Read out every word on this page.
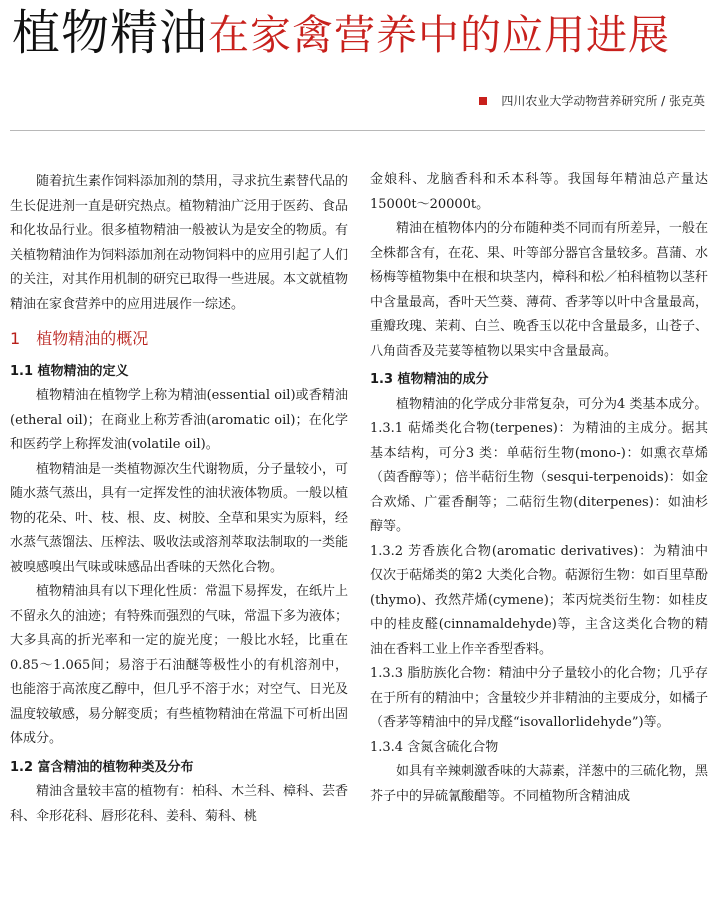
植物精油在家禽营养中的应用进展
四川农业大学动物营养研究所 / 张克英

随着抗生素作饲料添加剂的禁用，寻求抗生素替代品的生长促进剂一直是研究热点。植物精油广泛用于医药、食品和化妆品行业。很多植物精油一般被认为是安全的物质。有关植物精油作为饲料添加剂在动物饲料中的应用引起了人们的关注，对其作用机制的研究已取得一些进展。本文就植物精油在家食营养中的应用进展作一综述。

1 植物精油的概况
1.1 植物精油的定义

植物精油在植物学上称为精油(essential oil)或香精油(etheral oil)；在商业上称芳香油(aromatic oil)；在化学和医药学上称挥发油(volatile oil)。

植物精油是一类植物源次生代谢物质，分子量较小，可随水蒸气蒸出，具有一定挥发性的油状液体物质。一般以植物的花朵、叶、枝、根、皮、树胶、全草和果实为原料，经水蒸气蒸馏法、压榨法、吸收法或溶剂萃取法制取的一类能被嗅感嗅出气味或味感品出香味的天然化合物。

植物精油具有以下理化性质：常温下易挥发，在纸片上不留永久的油迹；有特殊而强烈的气味，常温下多为液体；大多具高的折光率和一定的旋光度；一般比水轻，比重在0.85～1.065间；易溶于石油醚等极性小的有机溶剂中，也能溶于高浓度乙醇中，但几乎不溶于水；对空气、日光及温度较敏感，易分解变质；有些植物精油在常温下可析出固体成分。

1.2 富含精油的植物种类及分布

精油含量较丰富的植物有：柏科、木兰科、樟科、芸香科、伞形花科、唇形花科、姜科、菊科、桃

金娘科、龙脑香科和禾本科等。我国每年精油总产量达15000t～20000t。

精油在植物体内的分布随种类不同而有所差异，一般在全株都含有，在花、果、叶等部分器官含量较多。菖蒲、水杨梅等植物集中在根和块茎内，樟科和松／柏科植物以茎秆中含量最高，香叶天竺葵、薄荷、香茅等以叶中含量最高，重瓣玫瑰、茉莉、白兰、晚香玉以花中含量最多，山苍子、八角茴香及芫荽等植物以果实中含量最高。

1.3 植物精油的成分

植物精油的化学成分非常复杂，可分为4 类基本成分。

1.3.1 萜烯类化合物(terpenes)：为精油的主成分。据其基本结构，可分3 类：单萜衍生物(mono-)：如熏衣草烯（茵香醇等）；倍半萜衍生物（sesqui-terpenoids)：如金合欢烯、广霍香酮等；二萜衍生物(diterpenes)：如油杉醇等。

1.3.2 芳香族化合物(aromatic derivatives)：为精油中仅次于萜烯类的第2 大类化合物。萜源衍生物：如百里草酚(thymo)、孜然芹烯(cymene)；苯丙烷类衍生物：如桂皮中的桂皮醛(cinnamaldehyde)等，主含这类化合物的精油在香料工业上作辛香型香料。

1.3.3 脂肪族化合物：精油中分子量较小的化合物；几乎存在于所有的精油中；含量较少并非精油的主要成分，如橘子（香茅等精油中的异戊醛“isovallorlidehyde”)等。

1.3.4 含氮含硫化合物

如具有辛辣刺激香味的大蒜素，洋葱中的三硫化物，黑芥子中的异硫氰酸醋等。不同植物所含精油成
